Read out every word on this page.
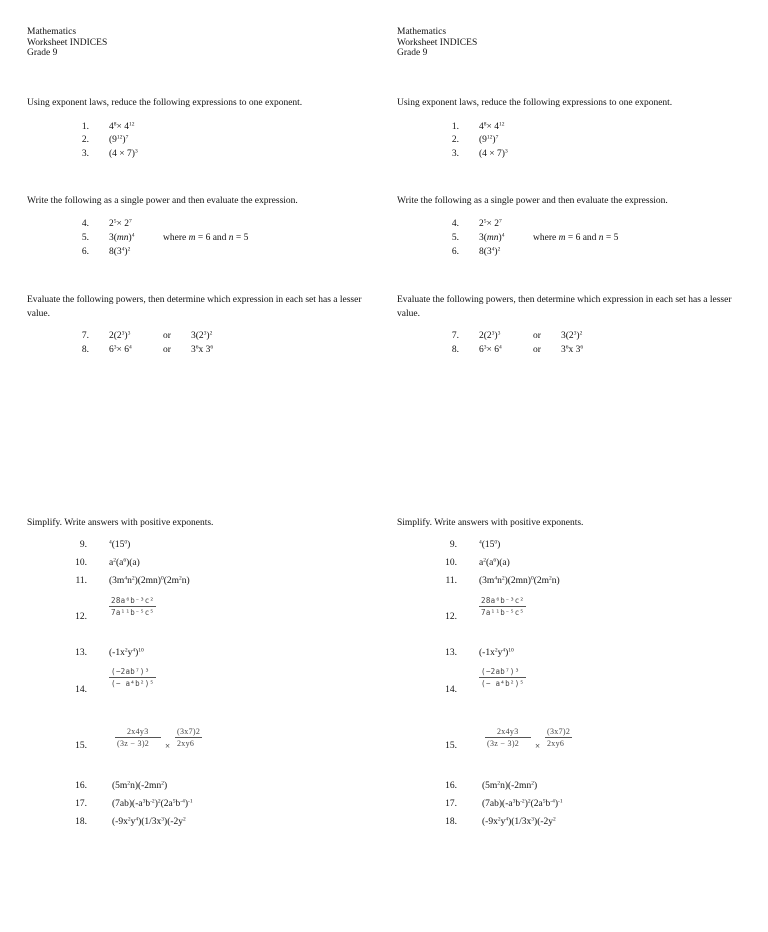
Mathematics
Worksheet INDICES
Grade 9
Using exponent laws, reduce the following expressions to one exponent.
1. $4^8\times 4^{12}$
2. $(9^{12})^7$
3. $(4 \times 7)^3$
Write the following as a single power and then evaluate the expression.
4. $2^5\times 2^7$
5. 3(mn)$^4$	where m = 6 and n = 5
6. $8(3^4)^2$
Evaluate the following powers, then determine which expression in each set has a lesser value.
7. $2(2^3)^3$	or $3(2^3)^2$
8. $6^3\times 6^4$	or $3^6x$ $3^6$
Simplify. Write answers with positive exponents.
9.	$^4(15^0)$
10. $a^2(a^6)(a)$
11. $(3m^4n^2)(2mn)^0(2m^2n)$
12.	$\frac{\text{28a⁶b⁻³c²}}{\text{7a¹¹b⁻⁵c⁵}}$
13. $(-1x^2y^4)^{10}$
14.
$\frac{\text{(−2ab⁷)³}}{\text{(− a⁴b²)⁵}}$
15.	$\frac{2x4y3}{(3z - 3)2} \times \frac{(3x7)2}{2xy6}$
16.	$(5m^2n)(-2mn^2)$
17.	$(7ab)(-a^3b^{-2})^2(2a^5b^{-4})^{-1}$
18.	$(-9x^2y^4)(1/3x^3)(-2y^2$
Mathematics
Worksheet INDICES
Grade 9
Using exponent laws, reduce the following expressions to one exponent.
1. $4^8\times 4^{12}$
2. $(9^{12})^7$
3. $(4 \times 7)^3$
Write the following as a single power and then evaluate the expression.
4. $2^5\times 2^7$
5. 3(mn)$^4$	where m = 6 and n = 5
6. $8(3^4)^2$
Evaluate the following powers, then determine which expression in each set has a lesser value.
7. $2(2^3)^3$	or $3(2^3)^2$
8. $6^3\times 6^4$	or $3^6x$ $3^6$
Simplify. Write answers with positive exponents.
9.	$^4(15^0)$
10. $a^2(a^6)(a)$
11. $(3m^4n^2)(2mn)^0(2m^2n)$
12.	$\frac{\text{28a⁶b⁻³c²}}{\text{7a¹¹b⁻⁵c⁵}}$
13. $(-1x^2y^4)^{10}$
14.
$\frac{\text{(−2ab⁷)³}}{\text{(− a⁴b²)⁵}}$
15.	$\frac{2x4y3}{(3z - 3)2} \times \frac{(3x7)2}{2xy6}$
16.	$(5m^2n)(-2mn^2)$
17.	$(7ab)(-a^3b^{-2})^2(2a^5b^{-4})^{-1}$
18.	$(-9x^2y^4)(1/3x^3)(-2y^2$
